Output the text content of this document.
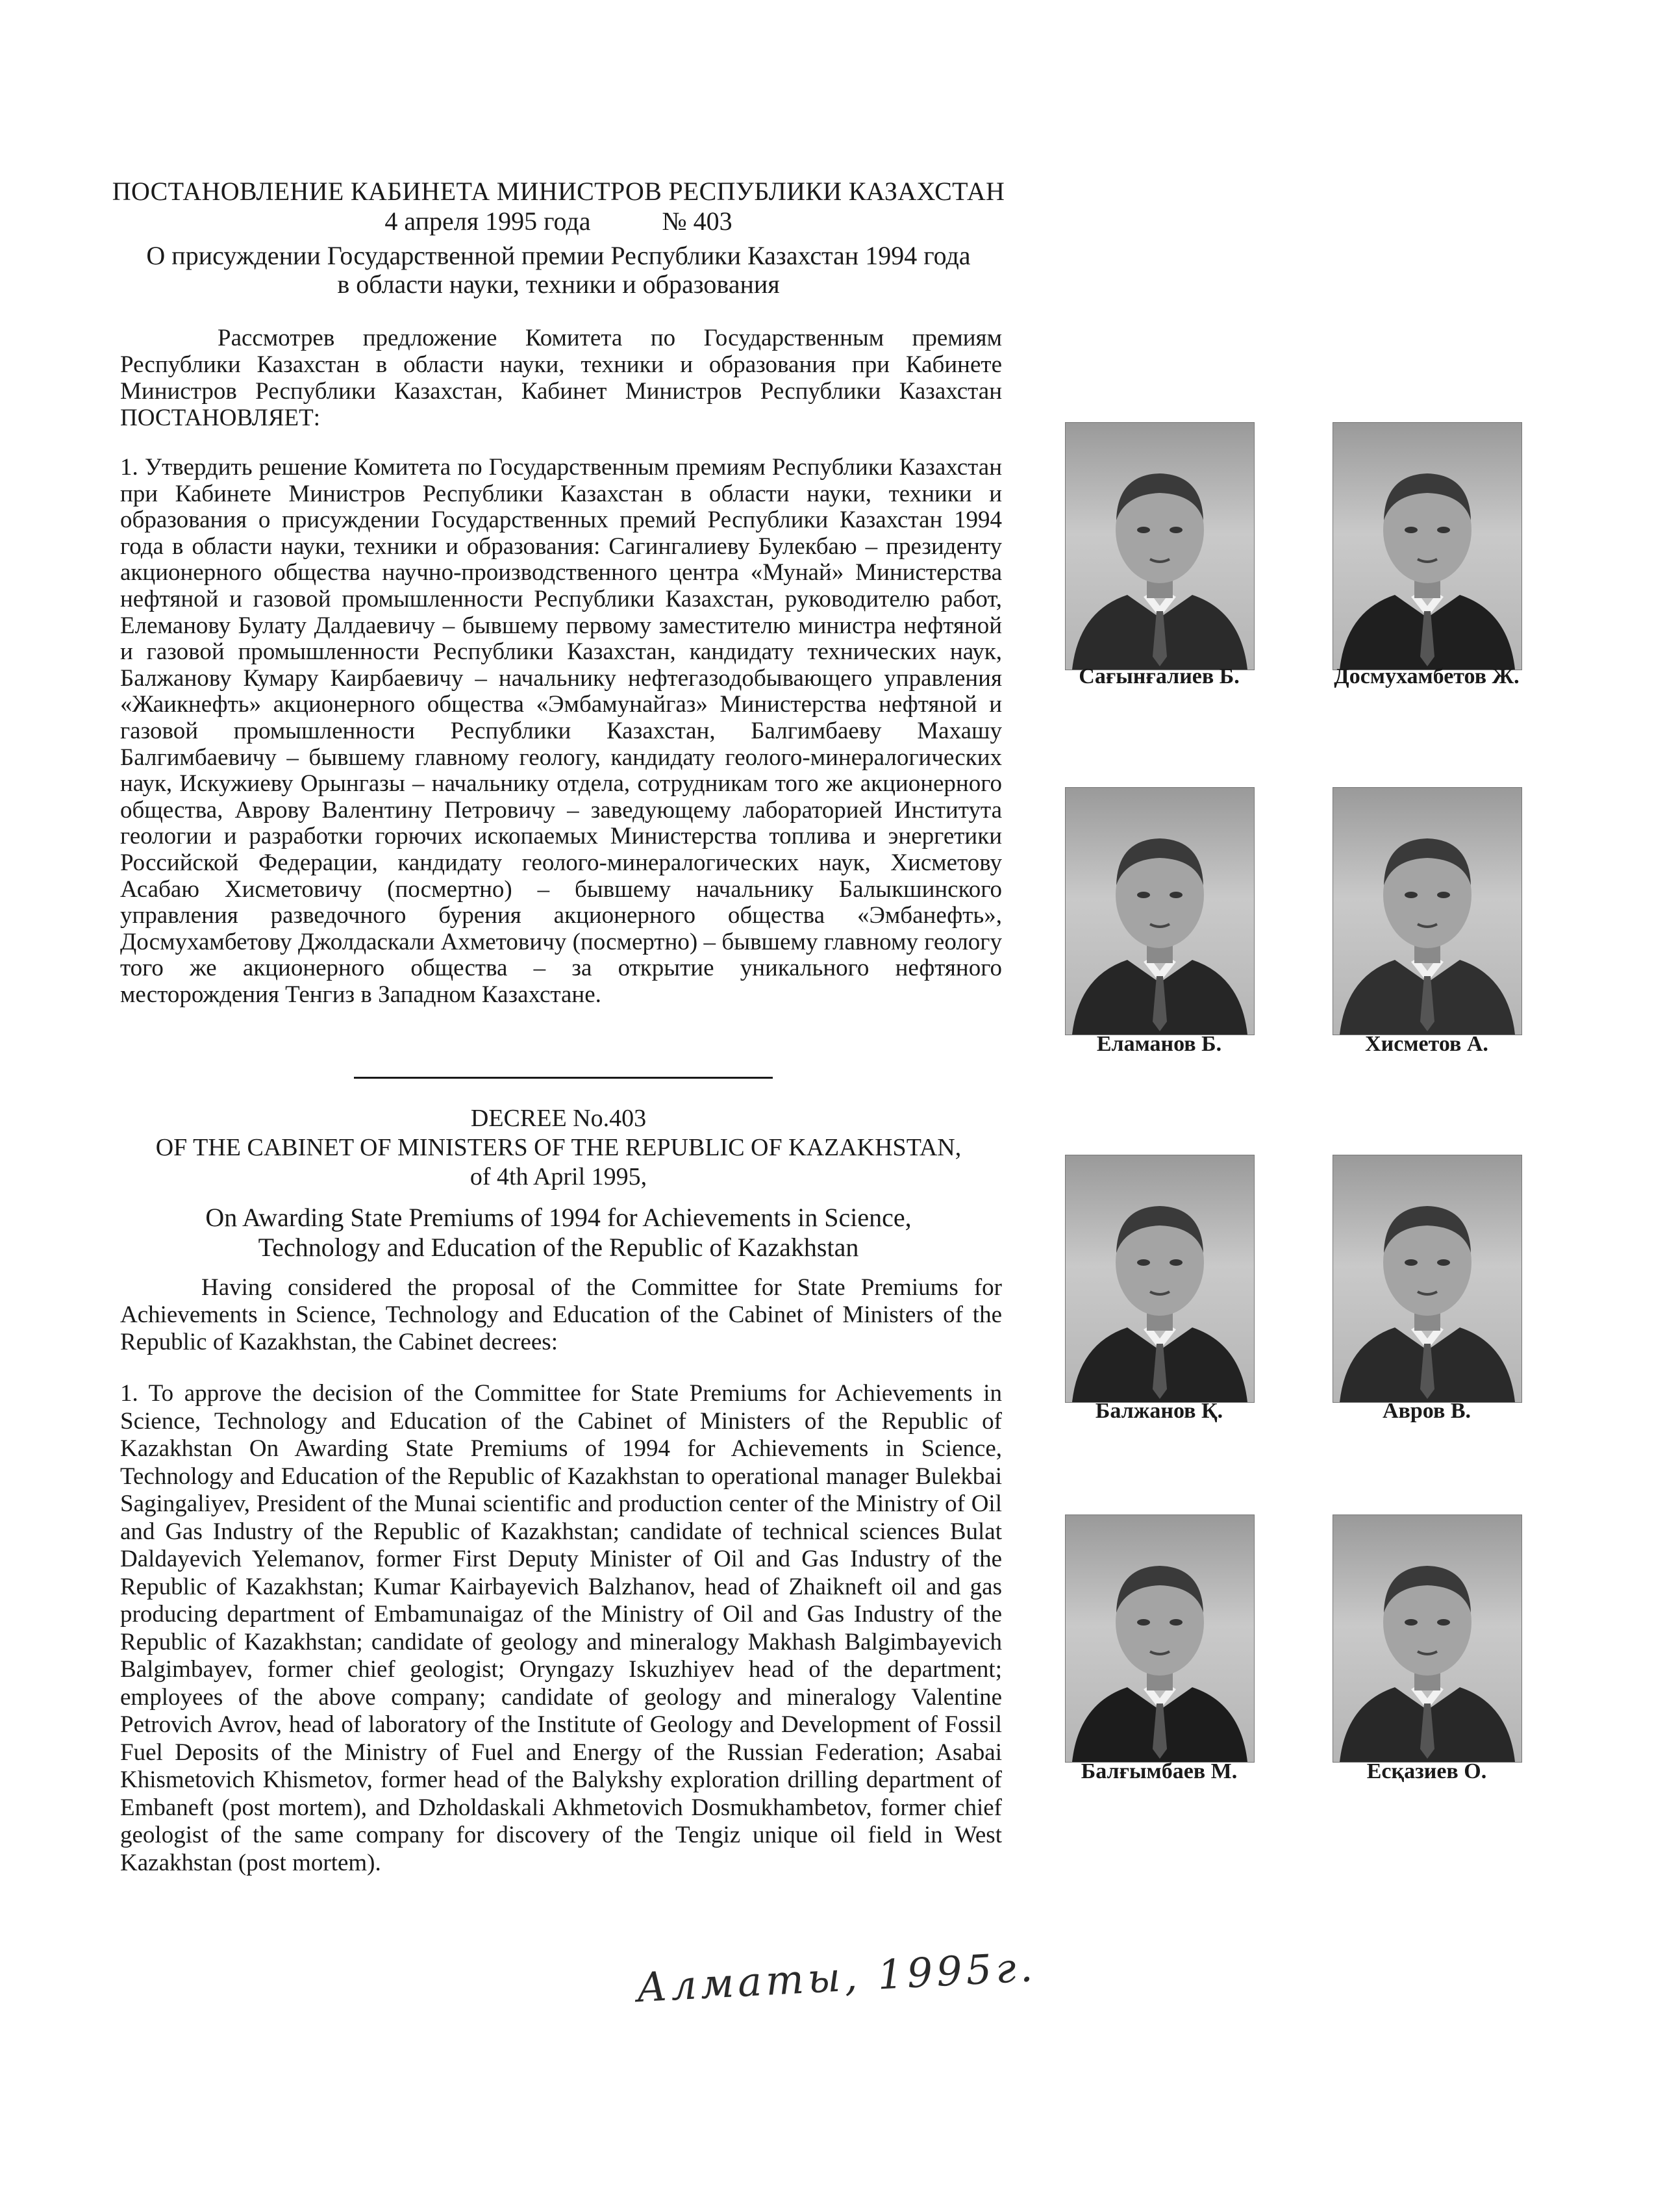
ПОСТАНОВЛЕНИЕ КАБИНЕТА МИНИСТРОВ РЕСПУБЛИКИ КАЗАХСТАН
4 апреля 1995 года	№ 403
О присуждении Государственной премии Республики Казахстан 1994 года
в области науки, техники и образования
Рассмотрев предложение Комитета по Государственным премиям Республики Казахстан в области науки, техники и образования при Кабинете Министров Республики Казахстан, Кабинет Министров Республики Казахстан ПОСТАНОВЛЯЕТ:
1. Утвердить решение Комитета по Государственным премиям Республики Казахстан при Кабинете Министров Республики Казахстан в области науки, техники и образования о присуждении Государственных премий Республики Казахстан 1994 года в области науки, техники и образования: Сагингалиеву Булекбаю – президенту акционерного общества научно-производственного центра «Мунай» Министерства нефтяной и газовой промышленности Республики Казахстан, руководителю работ, Елеманову Булату Далдаевичу – бывшему первому заместителю министра нефтяной и газовой промышленности Республики Казахстан, кандидату технических наук, Балжанову Кумару Каирбаевичу – начальнику нефтегазодобывающего управления «Жаикнефть» акционерного общества «Эмбамунайгаз» Министерства нефтяной и газовой промышленности Республики Казахстан, Балгимбаеву Махашу Балгимбаевичу – бывшему главному геологу, кандидату геолого-минералогических наук, Искужиеву Орынгазы – начальнику отдела, сотрудникам того же акционерного общества, Аврову Валентину Петровичу – заведующему лабораторией Института геологии и разработки горючих ископаемых Министерства топлива и энергетики Российской Федерации, кандидату геолого-минералогических наук, Хисметову Асабаю Хисметовичу (посмертно) – бывшему начальнику Балыкшинского управления разведочного бурения акционерного общества «Эмбанефть», Досмухамбетову Джолдаскали Ахметовичу (посмертно) – бывшему главному геологу того же акционерного общества – за открытие уникального нефтяного месторождения Тенгиз в Западном Казахстане.
DECREE No.403
OF THE CABINET OF MINISTERS OF THE REPUBLIC OF KAZAKHSTAN,
of 4th April 1995,
On Awarding State Premiums of 1994 for Achievements in Science,
Technology and Education of the Republic of Kazakhstan
Having considered the proposal of the Committee for State Premiums for Achievements in Science, Technology and Education of the Cabinet of Ministers of the Republic of Kazakhstan, the Cabinet decrees:
1. To approve the decision of the Committee for State Premiums for Achievements in Science, Technology and Education of the Cabinet of Ministers of the Republic of Kazakhstan On Awarding State Premiums of 1994 for Achievements in Science, Technology and Education of the Republic of Kazakhstan to operational manager Bulekbai Sagingaliyev, President of the Munai scientific and production center of the Ministry of Oil and Gas Industry of the Republic of Kazakhstan; candidate of technical sciences Bulat Daldayevich Yelemanov, former First Deputy Minister of Oil and Gas Industry of the Republic of Kazakhstan; Kumar Kairbayevich Balzhanov, head of Zhaikneft oil and gas producing department of Embamunaigaz of the Ministry of Oil and Gas Industry of the Republic of Kazakhstan; candidate of geology and mineralogy Makhash Balgimbayevich Balgimbayev, former chief geologist; Oryngazy Iskuzhiyev head of the department; employees of the above company; candidate of geology and mineralogy Valentine Petrovich Avrov, head of laboratory of the Institute of Geology and Development of Fossil Fuel Deposits of the Ministry of Fuel and Energy of the Russian Federation; Asabai Khismetovich Khismetov, former head of the Balykshy exploration drilling department of Embaneft (post mortem), and Dzholdaskali Akhmetovich Dosmukhambetov, former chief geologist of the same company for discovery of the Tengiz unique oil field in West Kazakhstan (post mortem).
Алматы, 1995г.
Сағынғалиев Б.	Досмухамбетов Ж.
Еламанов Б.	Хисметов А.
Балжанов Қ.	Авров В.
Балғымбаев М.	Есқазиев О.
